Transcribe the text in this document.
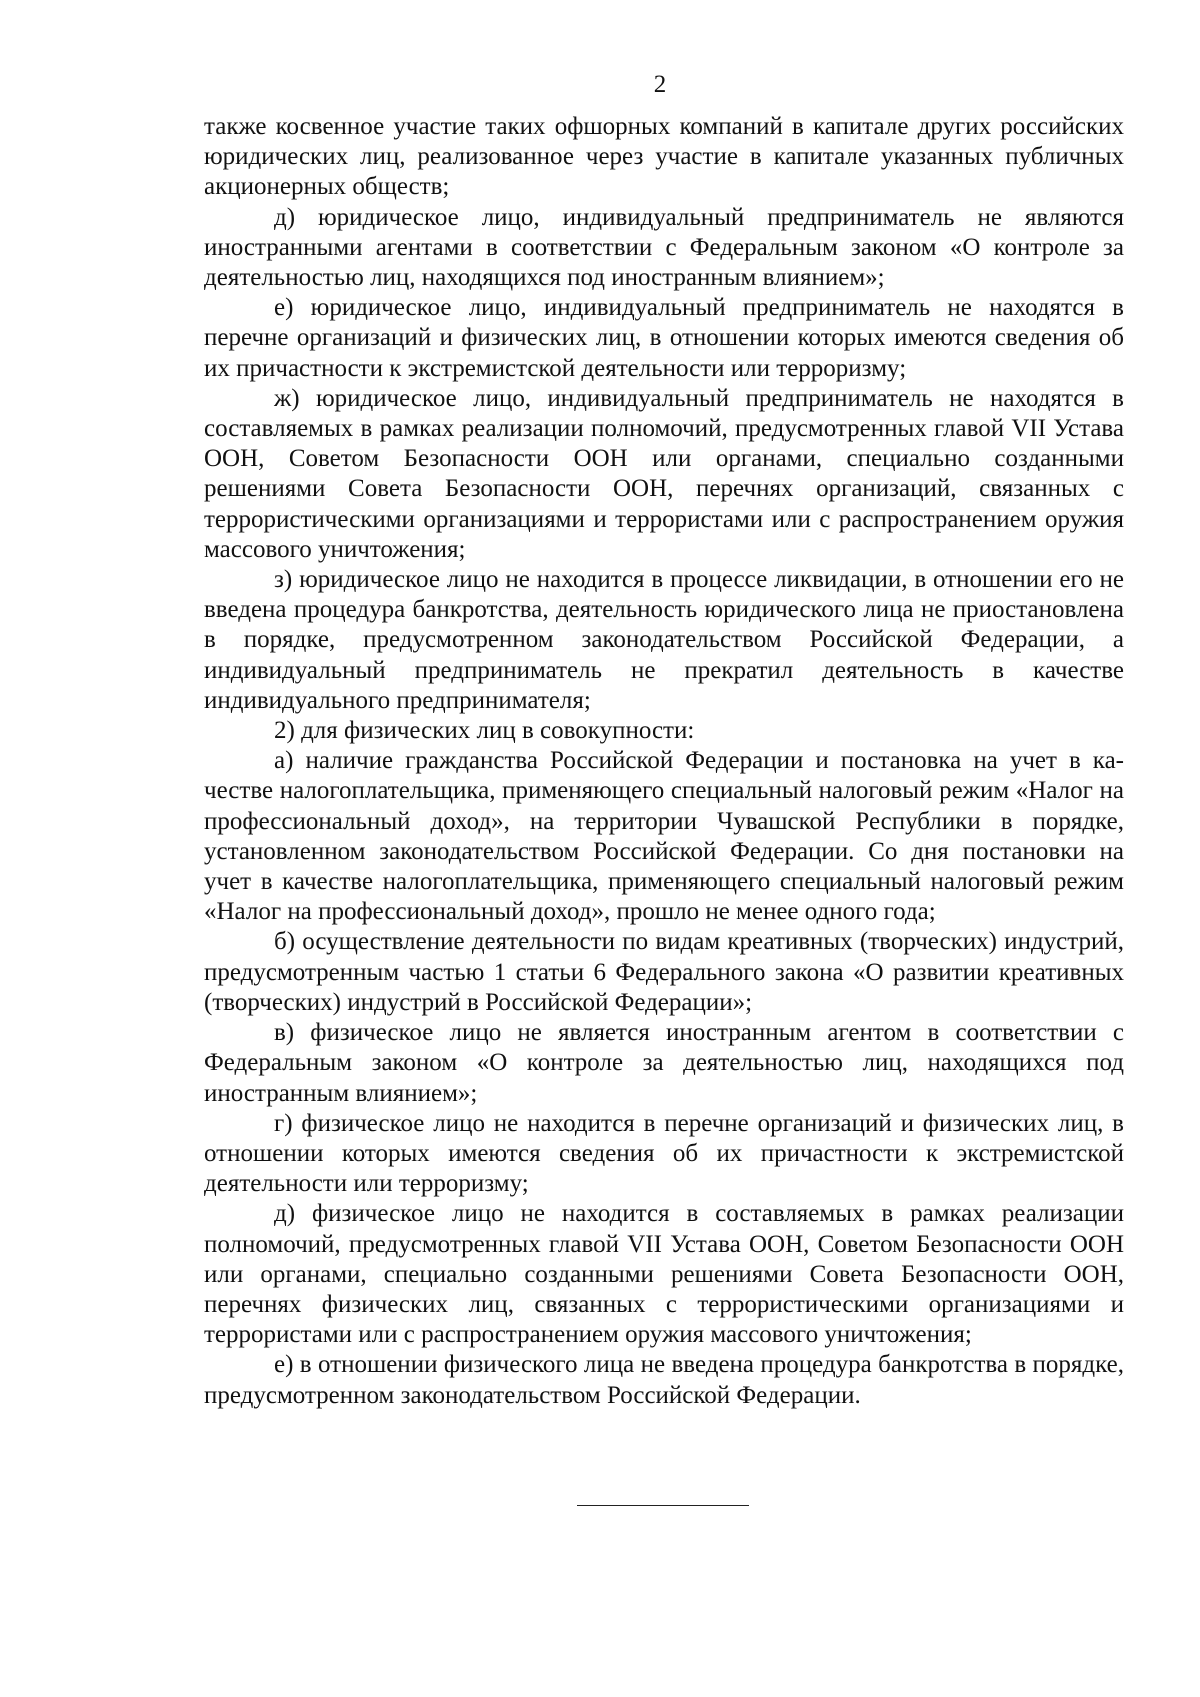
2

также косвенное участие таких офшорных компаний в капитале других российских юридических лиц, реализованное через участие в капитале указанных публичных акционерных обществ;

д) юридическое лицо, индивидуальный предприниматель не являются иностранными агентами в соответствии с Федеральным законом «О контроле за деятельностью лиц, находящихся под иностранным влиянием»;

е) юридическое лицо, индивидуальный предприниматель не находятся в перечне организаций и физических лиц, в отношении которых имеются сведения об их причастности к экстремистской деятельности или терроризму;

ж) юридическое лицо, индивидуальный предприниматель не находятся в составляемых в рамках реализации полномочий, предусмотренных главой VII Устава ООН, Советом Безопасности ООН или органами, специально созданными решениями Совета Безопасности ООН, перечнях организаций, связанных с террористическими организациями и террористами или с распространением оружия массового уничтожения;

з) юридическое лицо не находится в процессе ликвидации, в отношении его не введена процедура банкротства, деятельность юридического лица не приостановлена в порядке, предусмотренном законодательством Российской Федерации, а индивидуальный предприниматель не прекратил деятельность в качестве индивидуального предпринимателя;

2) для физических лиц в совокупности:

а) наличие гражданства Российской Федерации и постановка на учет в качестве налогоплательщика, применяющего специальный налоговый режим «Налог на профессиональный доход», на территории Чувашской Республики в порядке, установленном законодательством Российской Федерации. Со дня постановки на учет в качестве налогоплательщика, применяющего специальный налоговый режим «Налог на профессиональный доход», прошло не менее одного года;

б) осуществление деятельности по видам креативных (творческих) индустрий, предусмотренным частью 1 статьи 6 Федерального закона «О развитии креативных (творческих) индустрий в Российской Федерации»;

в) физическое лицо не является иностранным агентом в соответствии с Федеральным законом «О контроле за деятельностью лиц, находящихся под иностранным влиянием»;

г) физическое лицо не находится в перечне организаций и физических лиц, в отношении которых имеются сведения об их причастности к экстремистской деятельности или терроризму;

д) физическое лицо не находится в составляемых в рамках реализации полномочий, предусмотренных главой VII Устава ООН, Советом Безопасности ООН или органами, специально созданными решениями Совета Безопасности ООН, перечнях физических лиц, связанных с террористическими организациями и террористами или с распространением оружия массового уничтожения;

е) в отношении физического лица не введена процедура банкротства в порядке, предусмотренном законодательством Российской Федерации.
